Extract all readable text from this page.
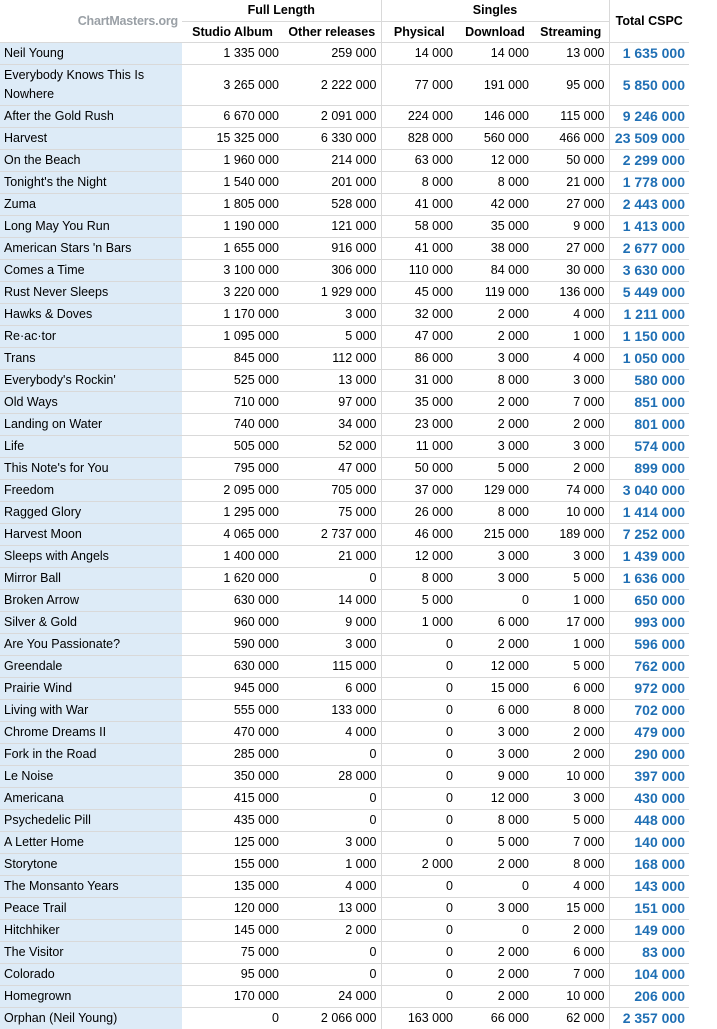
ChartMasters.org	Full Length		Singles			Total CSPC
	Studio Album	Other releases	Physical	Download	Streaming	
Neil Young	1 335 000	259 000	14 000	14 000	13 000	1 635 000
Everybody Knows This Is Nowhere	3 265 000	2 222 000	77 000	191 000	95 000	5 850 000
After the Gold Rush	6 670 000	2 091 000	224 000	146 000	115 000	9 246 000
Harvest	15 325 000	6 330 000	828 000	560 000	466 000	23 509 000
On the Beach	1 960 000	214 000	63 000	12 000	50 000	2 299 000
Tonight's the Night	1 540 000	201 000	8 000	8 000	21 000	1 778 000
Zuma	1 805 000	528 000	41 000	42 000	27 000	2 443 000
Long May You Run	1 190 000	121 000	58 000	35 000	9 000	1 413 000
American Stars 'n Bars	1 655 000	916 000	41 000	38 000	27 000	2 677 000
Comes a Time	3 100 000	306 000	110 000	84 000	30 000	3 630 000
Rust Never Sleeps	3 220 000	1 929 000	45 000	119 000	136 000	5 449 000
Hawks & Doves	1 170 000	3 000	32 000	2 000	4 000	1 211 000
Re·ac·tor	1 095 000	5 000	47 000	2 000	1 000	1 150 000
Trans	845 000	112 000	86 000	3 000	4 000	1 050 000
Everybody's Rockin'	525 000	13 000	31 000	8 000	3 000	580 000
Old Ways	710 000	97 000	35 000	2 000	7 000	851 000
Landing on Water	740 000	34 000	23 000	2 000	2 000	801 000
Life	505 000	52 000	11 000	3 000	3 000	574 000
This Note's for You	795 000	47 000	50 000	5 000	2 000	899 000
Freedom	2 095 000	705 000	37 000	129 000	74 000	3 040 000
Ragged Glory	1 295 000	75 000	26 000	8 000	10 000	1 414 000
Harvest Moon	4 065 000	2 737 000	46 000	215 000	189 000	7 252 000
Sleeps with Angels	1 400 000	21 000	12 000	3 000	3 000	1 439 000
Mirror Ball	1 620 000	0	8 000	3 000	5 000	1 636 000
Broken Arrow	630 000	14 000	5 000	0	1 000	650 000
Silver & Gold	960 000	9 000	1 000	6 000	17 000	993 000
Are You Passionate?	590 000	3 000	0	2 000	1 000	596 000
Greendale	630 000	115 000	0	12 000	5 000	762 000
Prairie Wind	945 000	6 000	0	15 000	6 000	972 000
Living with War	555 000	133 000	0	6 000	8 000	702 000
Chrome Dreams II	470 000	4 000	0	3 000	2 000	479 000
Fork in the Road	285 000	0	0	3 000	2 000	290 000
Le Noise	350 000	28 000	0	9 000	10 000	397 000
Americana	415 000	0	0	12 000	3 000	430 000
Psychedelic Pill	435 000	0	0	8 000	5 000	448 000
A Letter Home	125 000	3 000	0	5 000	7 000	140 000
Storytone	155 000	1 000	2 000	2 000	8 000	168 000
The Monsanto Years	135 000	4 000	0	0	4 000	143 000
Peace Trail	120 000	13 000	0	3 000	15 000	151 000
Hitchhiker	145 000	2 000	0	0	2 000	149 000
The Visitor	75 000	0	0	2 000	6 000	83 000
Colorado	95 000	0	0	2 000	7 000	104 000
Homegrown	170 000	24 000	0	2 000	10 000	206 000
Orphan (Neil Young)	0	2 066 000	163 000	66 000	62 000	2 357 000
